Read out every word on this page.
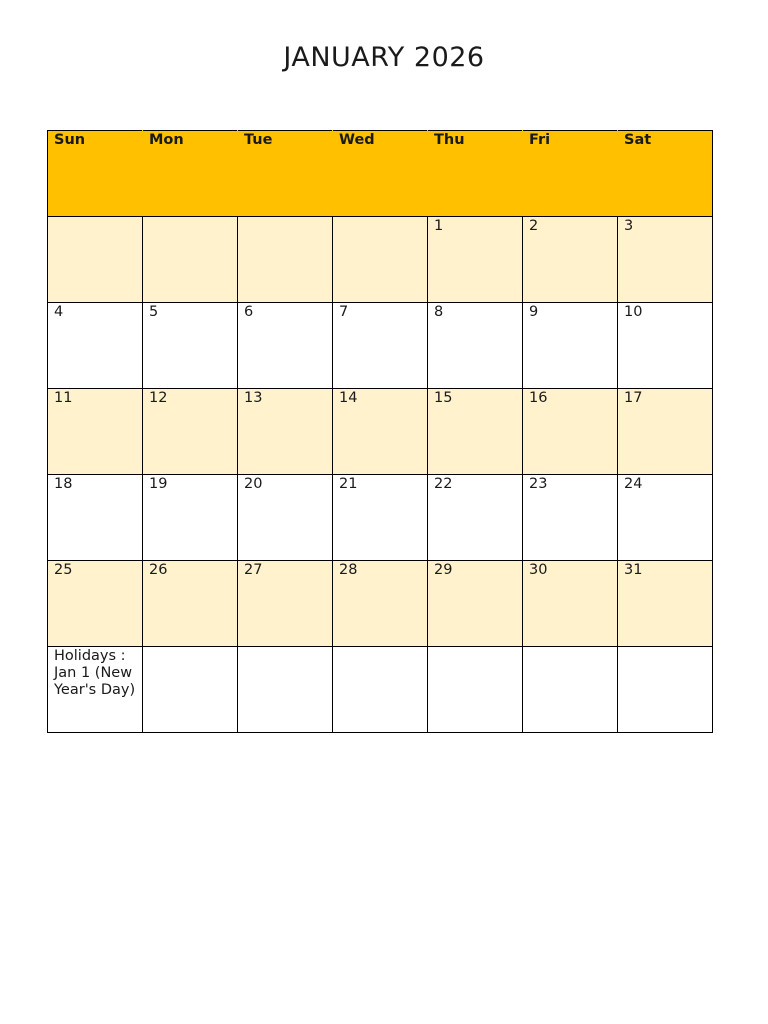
JANUARY 2026
Sun	Mon	Tue	Wed	Thu	Fri	Sat
				1	2	3
4	5	6	7	8	9	10
11	12	13	14	15	16	17
18	19	20	21	22	23	24
25	26	27	28	29	30	31
Holidays : Jan 1 (New Year's Day)						
